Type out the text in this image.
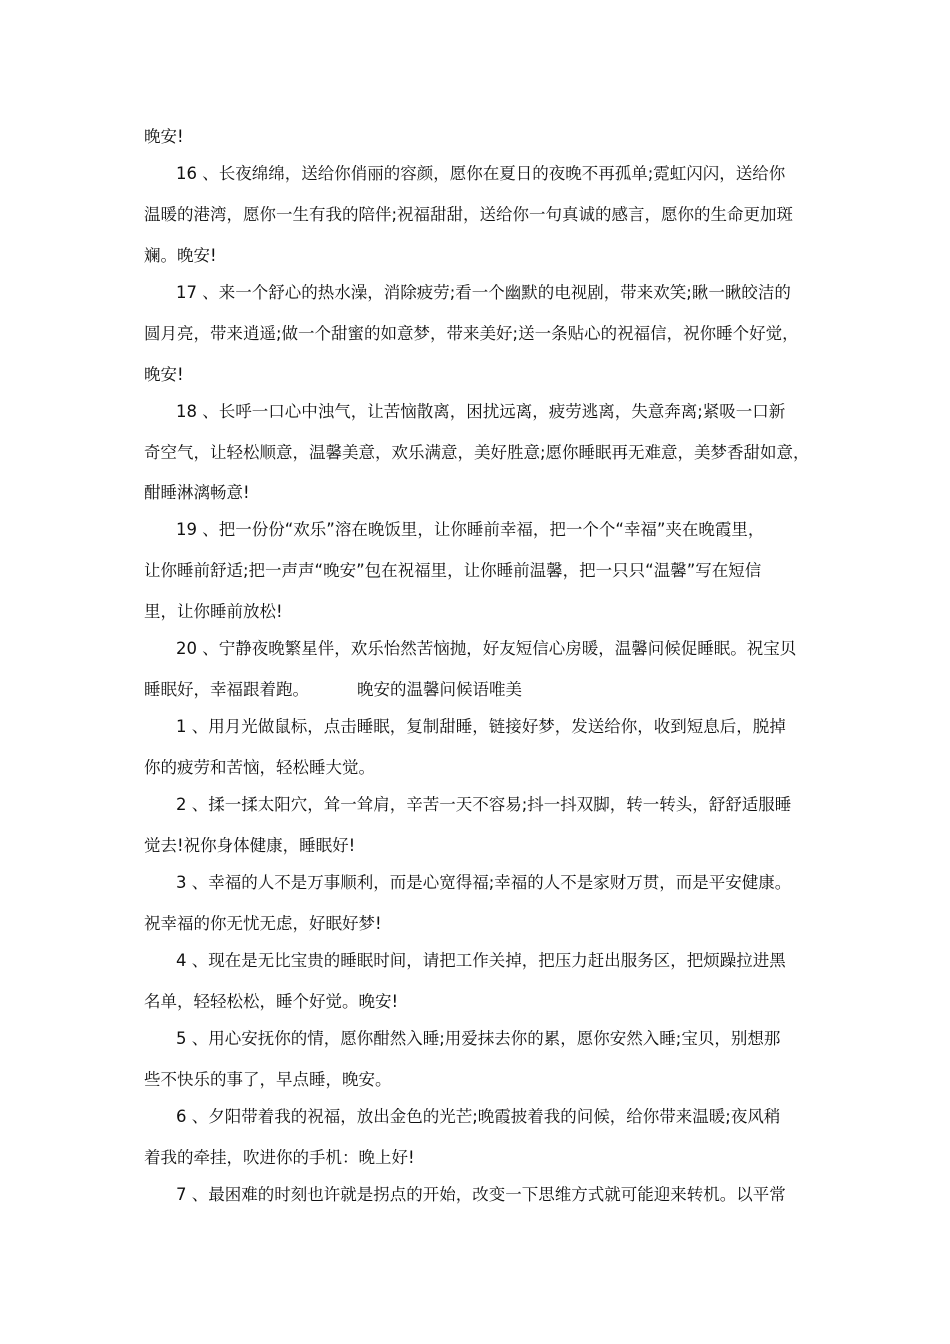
晚安!
16 、长夜绵绵，送给你俏丽的容颜，愿你在夏日的夜晚不再孤单;霓虹闪闪，送给你
温暖的港湾，愿你一生有我的陪伴;祝福甜甜，送给你一句真诚的感言，愿你的生命更加斑
斓。晚安!
17 、来一个舒心的热水澡，消除疲劳;看一个幽默的电视剧，带来欢笑;瞅一瞅皎洁的
圆月亮，带来逍遥;做一个甜蜜的如意梦，带来美好;送一条贴心的祝福信，祝你睡个好觉，
晚安!
18 、长呼一口心中浊气，让苦恼散离，困扰远离，疲劳逃离，失意奔离;紧吸一口新
奇空气，让轻松顺意，温馨美意，欢乐满意，美好胜意;愿你睡眠再无难意，美梦香甜如意，
酣睡淋漓畅意!
19 、把一份份“欢乐”溶在晚饭里，让你睡前幸福，把一个个“幸福”夹在晚霞里，
让你睡前舒适;把一声声“晚安”包在祝福里，让你睡前温馨，把一只只“温馨”写在短信
里，让你睡前放松!
20 、宁静夜晚繁星伴，欢乐怡然苦恼抛，好友短信心房暖，温馨问候促睡眠。祝宝贝
睡眠好，幸福跟着跑。	晚安的温馨问候语唯美
1 、用月光做鼠标，点击睡眠，复制甜睡，链接好梦，发送给你，收到短息后，脱掉
你的疲劳和苦恼，轻松睡大觉。
2 、揉一揉太阳穴，耸一耸肩，辛苦一天不容易;抖一抖双脚，转一转头，舒舒适服睡
觉去!祝你身体健康，睡眠好!
3 、幸福的人不是万事顺利，而是心宽得福;幸福的人不是家财万贯，而是平安健康。
祝幸福的你无忧无虑，好眠好梦!
4 、现在是无比宝贵的睡眠时间，请把工作关掉，把压力赶出服务区，把烦躁拉进黑
名单，轻轻松松，睡个好觉。晚安!
5 、用心安抚你的情，愿你酣然入睡;用爱抹去你的累，愿你安然入睡;宝贝，别想那
些不快乐的事了，早点睡，晚安。
6 、夕阳带着我的祝福，放出金色的光芒;晚霞披着我的问候，给你带来温暖;夜风稍
着我的牵挂，吹进你的手机：晚上好!
7 、最困难的时刻也许就是拐点的开始，改变一下思维方式就可能迎来转机。以平常
